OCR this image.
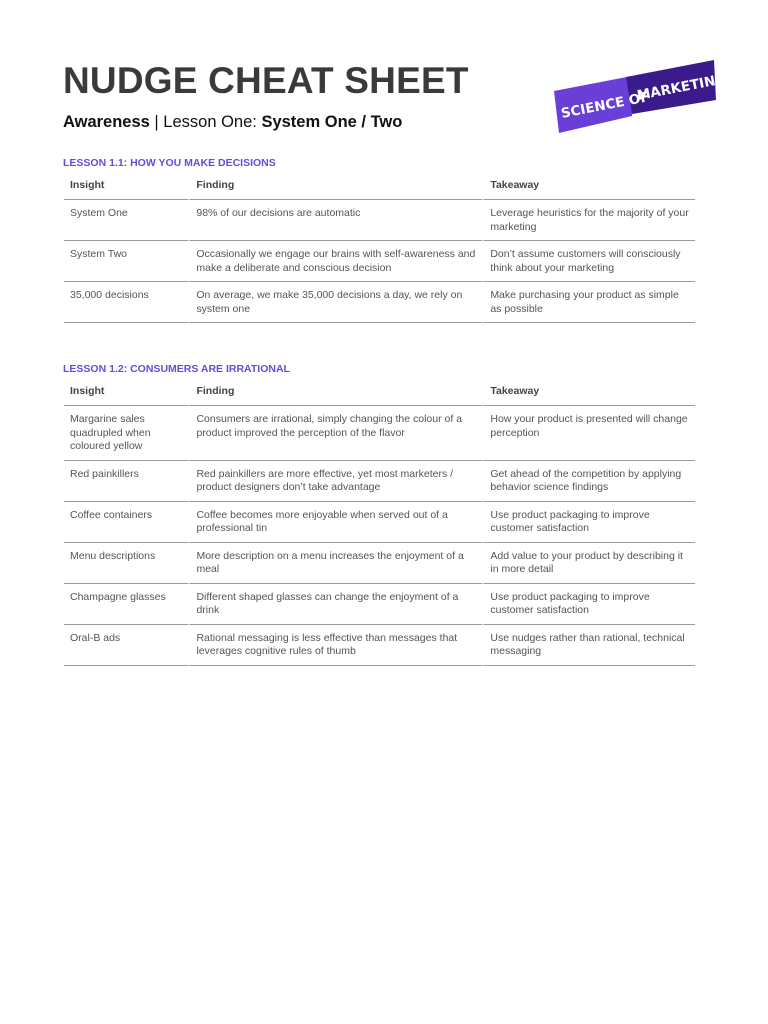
NUDGE CHEAT SHEET

Awareness | Lesson One: System One / Two

SCIENCE OF
MARKETING

LESSON 1.1: HOW YOU MAKE DECISIONS

Insight	Finding	Takeaway
System One	98% of our decisions are automatic	Leverage heuristics for the majority of your marketing
System Two	Occasionally we engage our brains with self-awareness and make a deliberate and conscious decision	Don’t assume customers will consciously think about your marketing
35,000 decisions	On average, we make 35,000 decisions a day, we rely on system one	Make purchasing your product as simple as possible

LESSON 1.2: CONSUMERS ARE IRRATIONAL

Insight	Finding	Takeaway
Margarine sales quadrupled when coloured yellow	Consumers are irrational, simply changing the colour of a product improved the perception of the flavor	How your product is presented will change perception
Red painkillers	Red painkillers are more effective, yet most marketers / product designers don’t take advantage	Get ahead of the competition by applying behavior science findings
Coffee containers	Coffee becomes more enjoyable when served out of a professional tin	Use product packaging to improve customer satisfaction
Menu descriptions	More description on a menu increases the enjoyment of a meal	Add value to your product by describing it in more detail
Champagne glasses	Different shaped glasses can change the enjoyment of a drink	Use product packaging to improve customer satisfaction
Oral-B ads	Rational messaging is less effective than messages that leverages cognitive rules of thumb	Use nudges rather than rational, technical messaging
